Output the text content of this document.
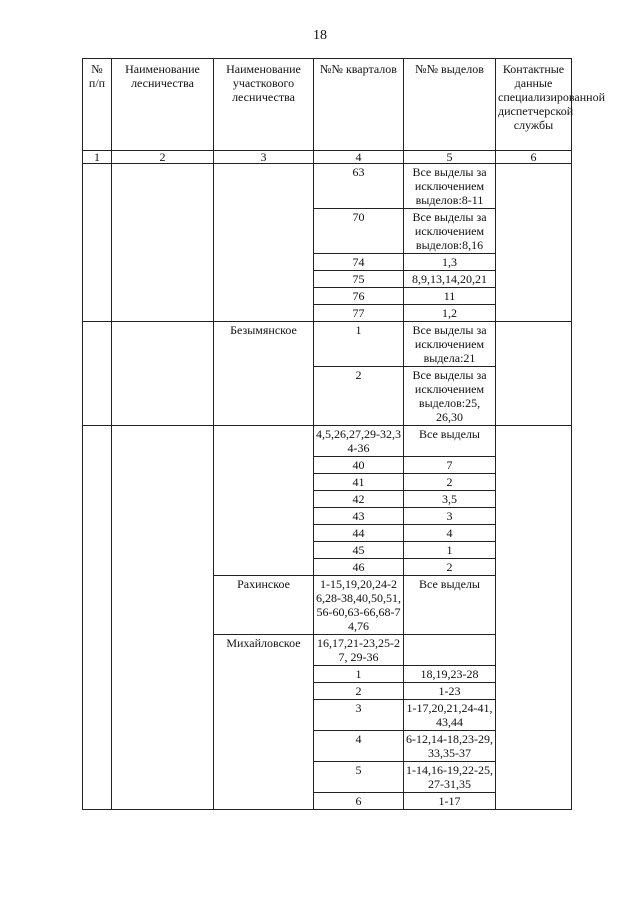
18
№ п/п	Наименование лесничества	Наименование участкового лесничества	№№ кварталов	№№ выделов	Контактные данные специализированной диспетчерской службы
1	2	3	4	5	6
			63	Все выделы за исключением выделов:8-11	
			70	Все выделы за исключением выделов:8,16	
			74	1,3	
			75	8,9,13,14,20,21	
			76	11	
			77	1,2	
		Безымянское	1	Все выделы за исключением выдела:21	
			2	Все выделы за исключением выделов:25, 26,30	
			4,5,26,27,29-32,34-36	Все выделы	
			40	7	
			41	2	
			42	3,5	
			43	3	
			44	4	
			45	1	
			46	2	
		Рахинское	1-15,19,20,24-26,28-38,40,50,51,56-60,63-66,68-74,76	Все выделы	
		Михайловское	16,17,21-23,25-27, 29-36		
			1	18,19,23-28	
			2	1-23	
			3	1-17,20,21,24-41,43,44	
			4	6-12,14-18,23-29,33,35-37	
			5	1-14,16-19,22-25,27-31,35	
			6	1-17	
